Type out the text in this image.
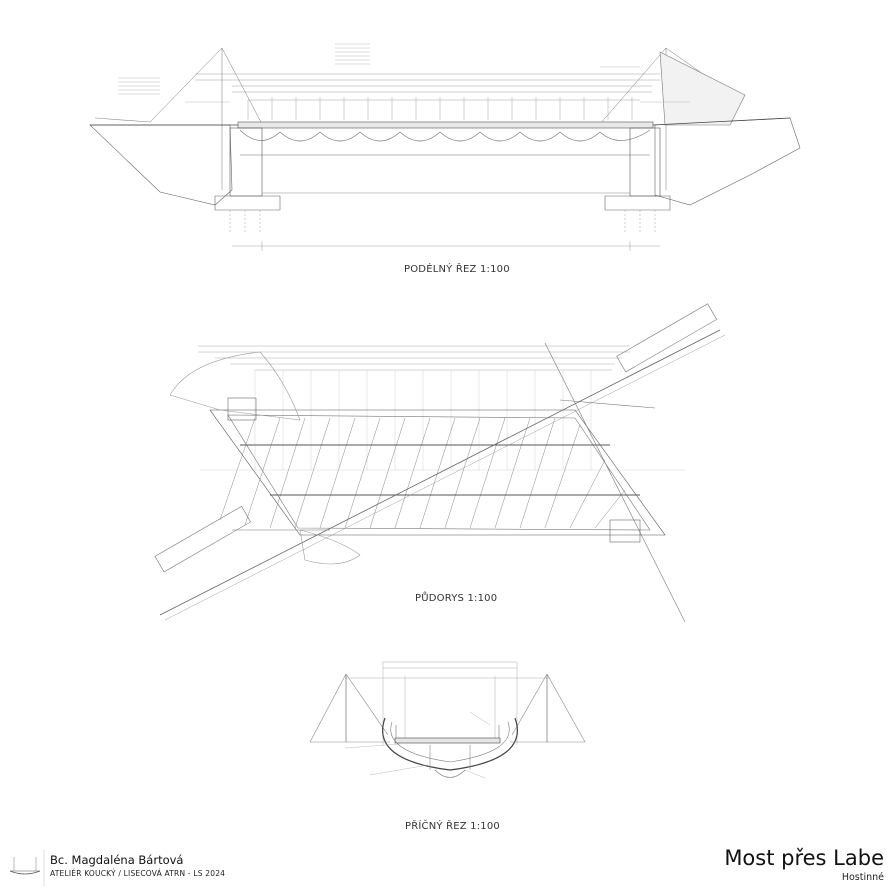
PODÉLNÝ ŘEZ 1:100
PŮDORYS 1:100
PŘÍČNÝ ŘEZ 1:100
Bc. Magdaléna Bártová
ATELIÉR KOUCKÝ / LISECOVÁ ATRN - LS 2024
Most přes Labe
Hostinné
